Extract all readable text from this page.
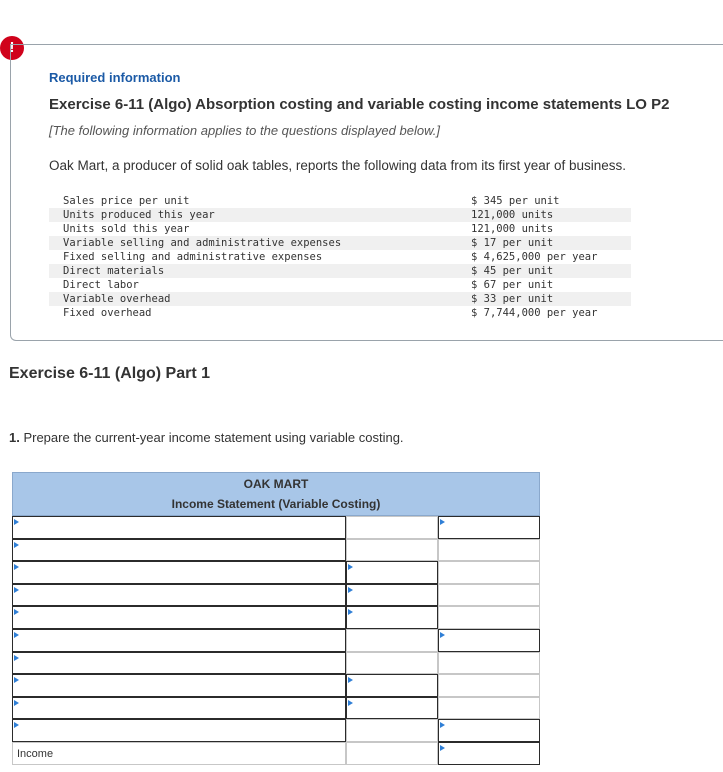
!
Required information
Exercise 6-11 (Algo) Absorption costing and variable costing income statements LO P2

[The following information applies to the questions displayed below.]

Oak Mart, a producer of solid oak tables, reports the following data from its first year of business.

Sales price per unit	$ 345 per unit
Units produced this year	121,000 units
Units sold this year	121,000 units
Variable selling and administrative expenses	$ 17 per unit
Fixed selling and administrative expenses	$ 4,625,000 per year
Direct materials	$ 45 per unit
Direct labor	$ 67 per unit
Variable overhead	$ 33 per unit
Fixed overhead	$ 7,744,000 per year
Exercise 6-11 (Algo) Part 1

1. Prepare the current-year income statement using variable costing.

OAK MART
Income Statement (Variable Costing)
Income
